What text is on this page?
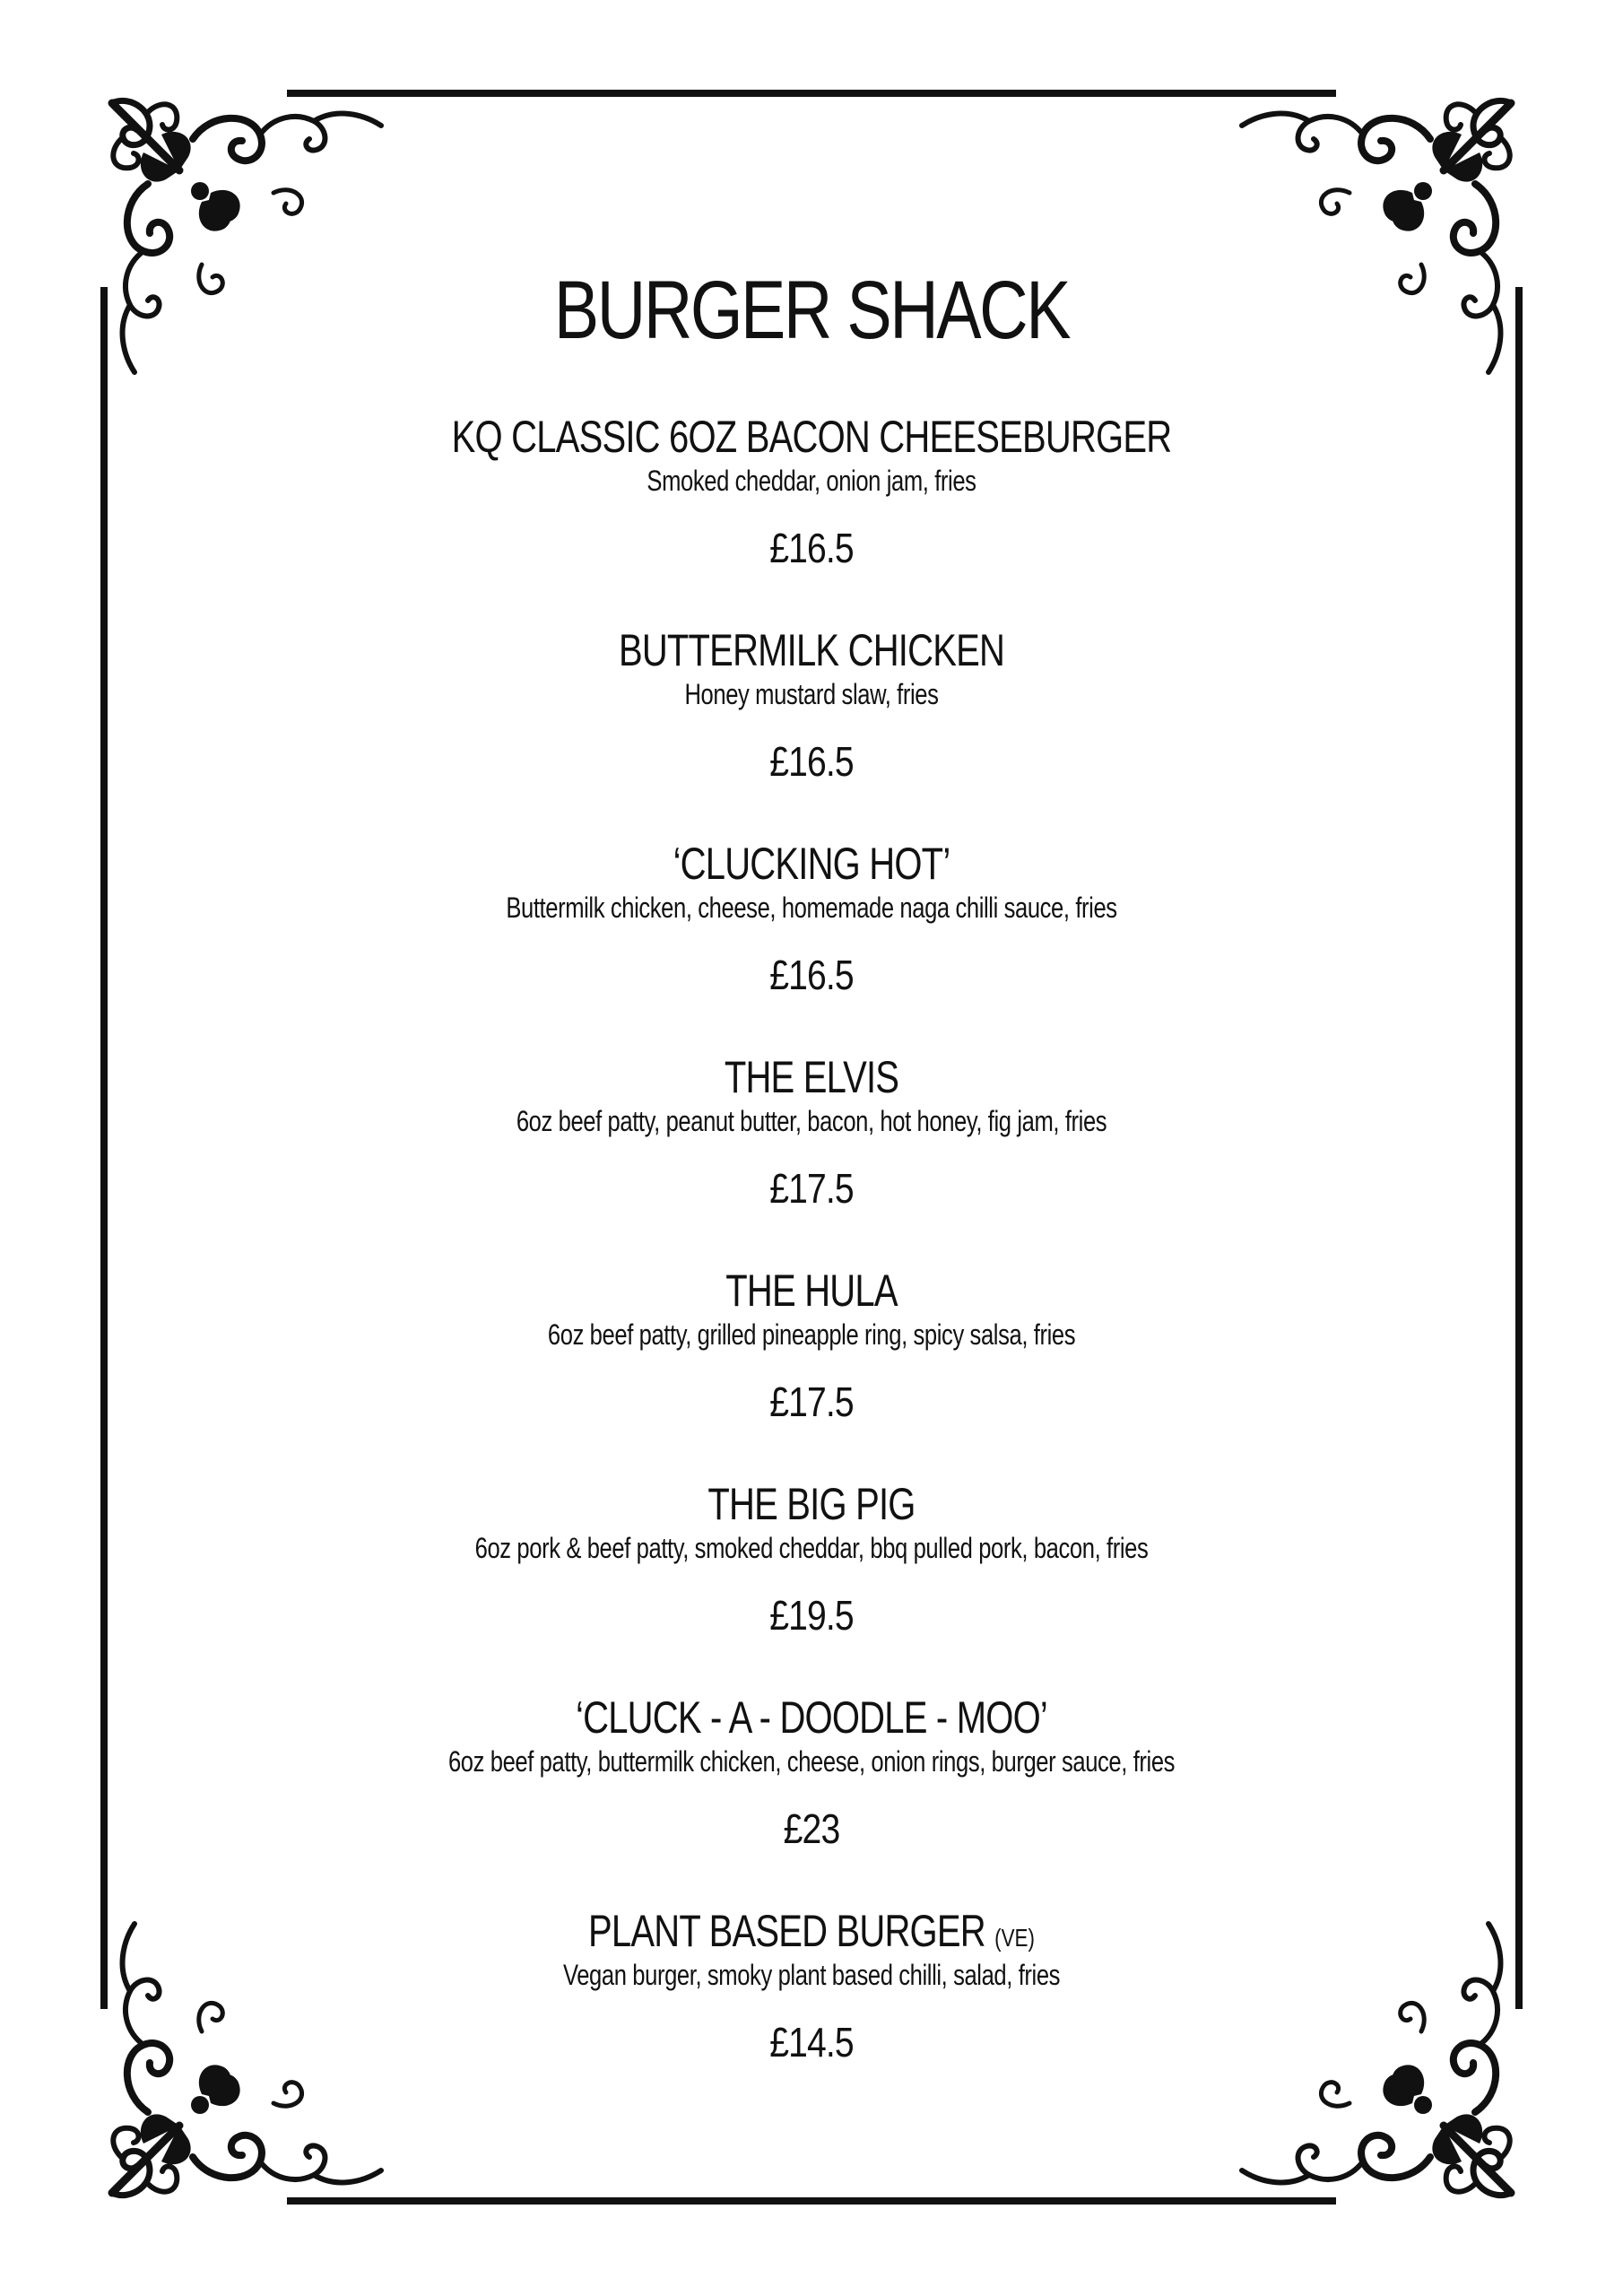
BURGER SHACK
KQ CLASSIC 6OZ BACON CHEESEBURGER
Smoked cheddar, onion jam, fries
£16.5
BUTTERMILK CHICKEN
Honey mustard slaw, fries
£16.5
‘CLUCKING HOT’
Buttermilk chicken, cheese, homemade naga chilli sauce, fries
£16.5
THE ELVIS
6oz beef patty, peanut butter, bacon, hot honey, fig jam, fries
£17.5
THE HULA
6oz beef patty, grilled pineapple ring, spicy salsa, fries
£17.5
THE BIG PIG
6oz pork & beef patty, smoked cheddar, bbq pulled pork, bacon, fries
£19.5
‘CLUCK - A - DOODLE - MOO’
6oz beef patty, buttermilk chicken, cheese, onion rings, burger sauce, fries
£23
PLANT BASED BURGER (VE)
Vegan burger, smoky plant based chilli, salad, fries
£14.5
